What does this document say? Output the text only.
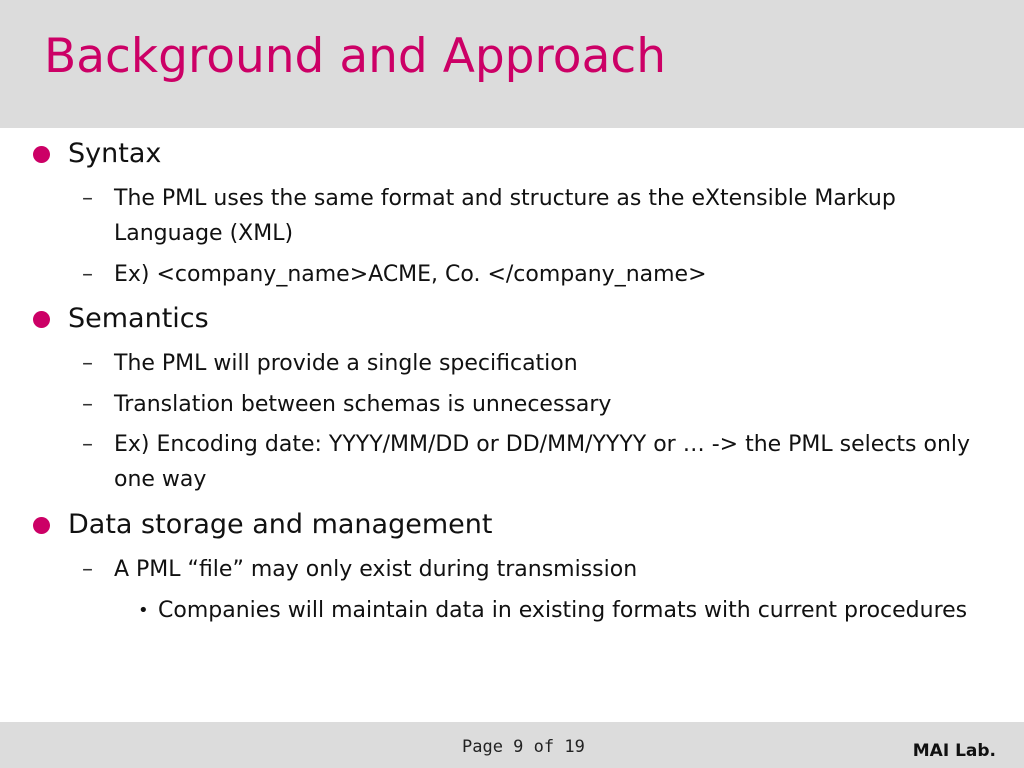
Background and Approach
Syntax
– The PML uses the same format and structure as the eXtensible Markup Language (XML)
– Ex) <company_name>ACME, Co. </company_name>
Semantics
– The PML will provide a single specification
– Translation between schemas is unnecessary
– Ex) Encoding date: YYYY/MM/DD or DD/MM/YYYY or … -> the PML selects only one way
Data storage and management
– A PML “file” may only exist during transmission
• Companies will maintain data in existing formats with current procedures
Page 9 of 19	MAI Lab.
